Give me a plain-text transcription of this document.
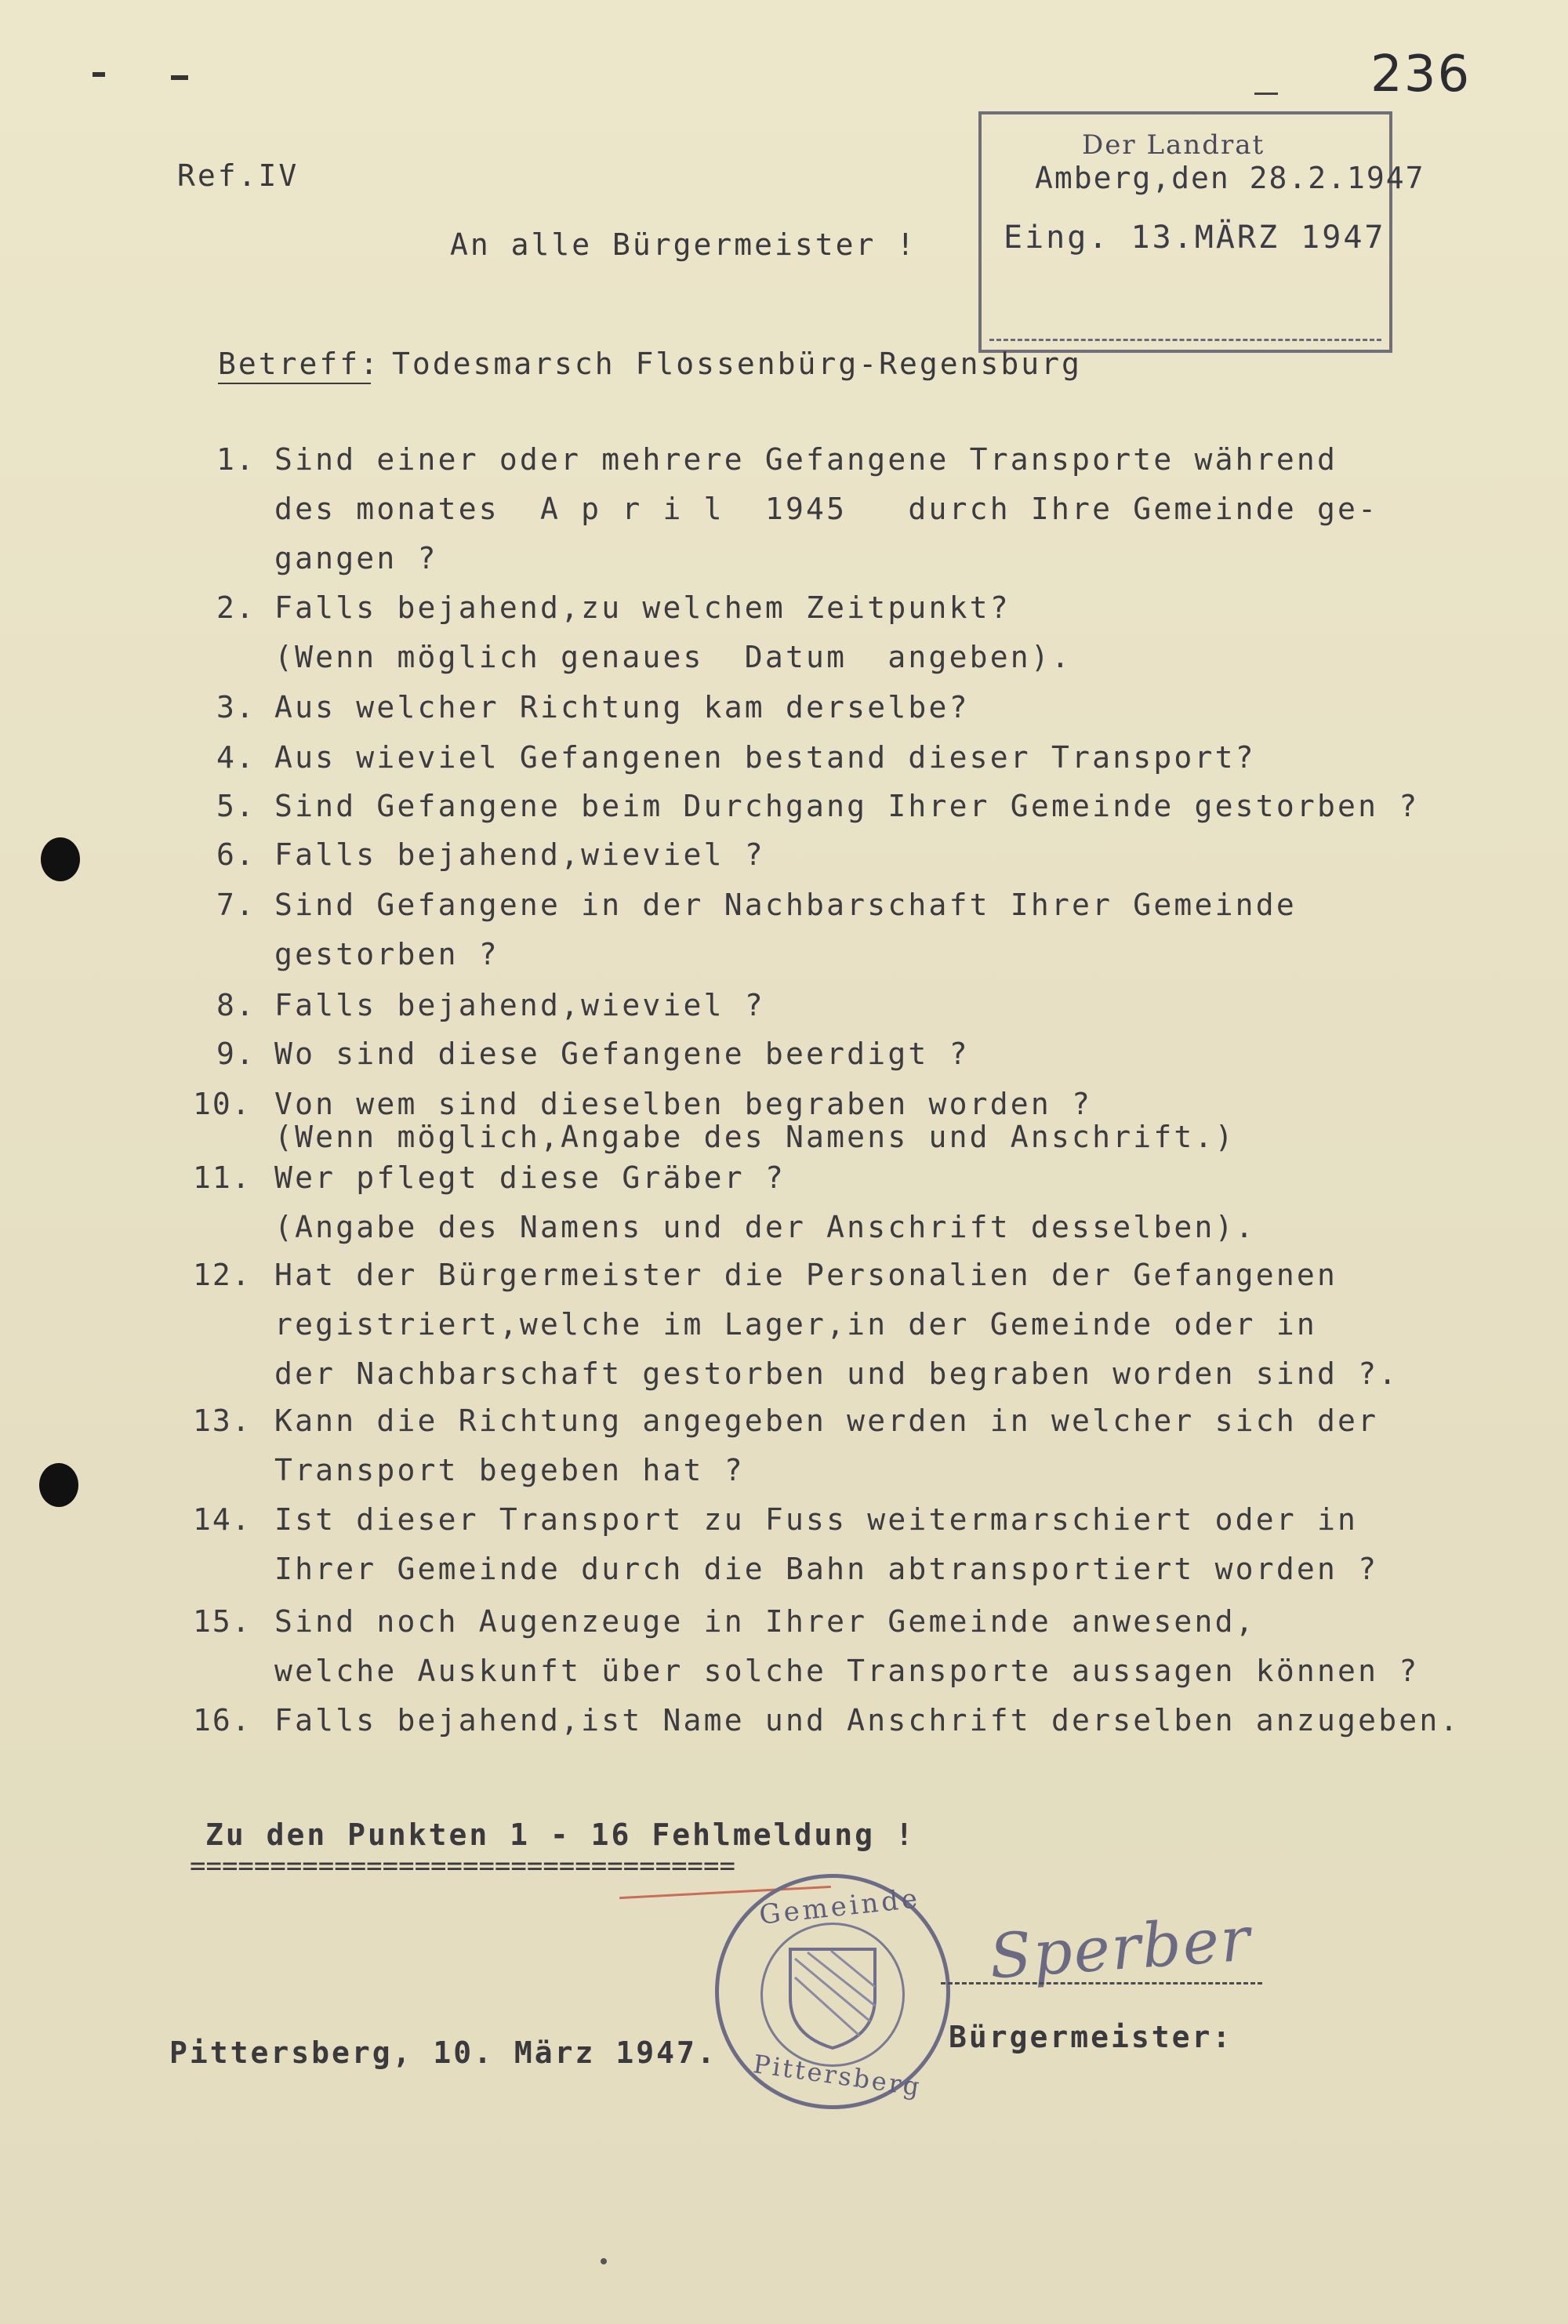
236
Ref.IV
Der Landrat
Amberg,den 28.2.1947
Eing. 13.MÄRZ 1947
An alle Bürgermeister !
Betreff: Todesmarsch Flossenbürg-Regensburg
1. Sind einer oder mehrere Gefangene Transporte während
des monates  A p r i l  1945   durch Ihre Gemeinde ge-
gangen ?
2. Falls bejahend,zu welchem Zeitpunkt?
(Wenn möglich genaues  Datum  angeben).
3. Aus welcher Richtung kam derselbe?
4. Aus wieviel Gefangenen bestand dieser Transport?
5. Sind Gefangene beim Durchgang Ihrer Gemeinde gestorben ?
6. Falls bejahend,wieviel ?
7. Sind Gefangene in der Nachbarschaft Ihrer Gemeinde
gestorben ?
8. Falls bejahend,wieviel ?
9. Wo sind diese Gefangene beerdigt ?
10. Von wem sind dieselben begraben worden ?
(Wenn möglich,Angabe des Namens und Anschrift.)
11. Wer pflegt diese Gräber ?
(Angabe des Namens und der Anschrift desselben).
12. Hat der Bürgermeister die Personalien der Gefangenen
registriert,welche im Lager,in der Gemeinde oder in
der Nachbarschaft gestorben und begraben worden sind ?.
13. Kann die Richtung angegeben werden in welcher sich der
Transport begeben hat ?
14. Ist dieser Transport zu Fuss weitermarschiert oder in
Ihrer Gemeinde durch die Bahn abtransportiert worden ?
15. Sind noch Augenzeuge in Ihrer Gemeinde anwesend,
welche Auskunft über solche Transporte aussagen können ?
16. Falls bejahend,ist Name und Anschrift derselben anzugeben.
Zu den Punkten 1 - 16 Fehlmeldung !
==================================
Gemeinde
Pittersberg
Sperber
Bürgermeister:
Pittersberg, 10. März 1947.
